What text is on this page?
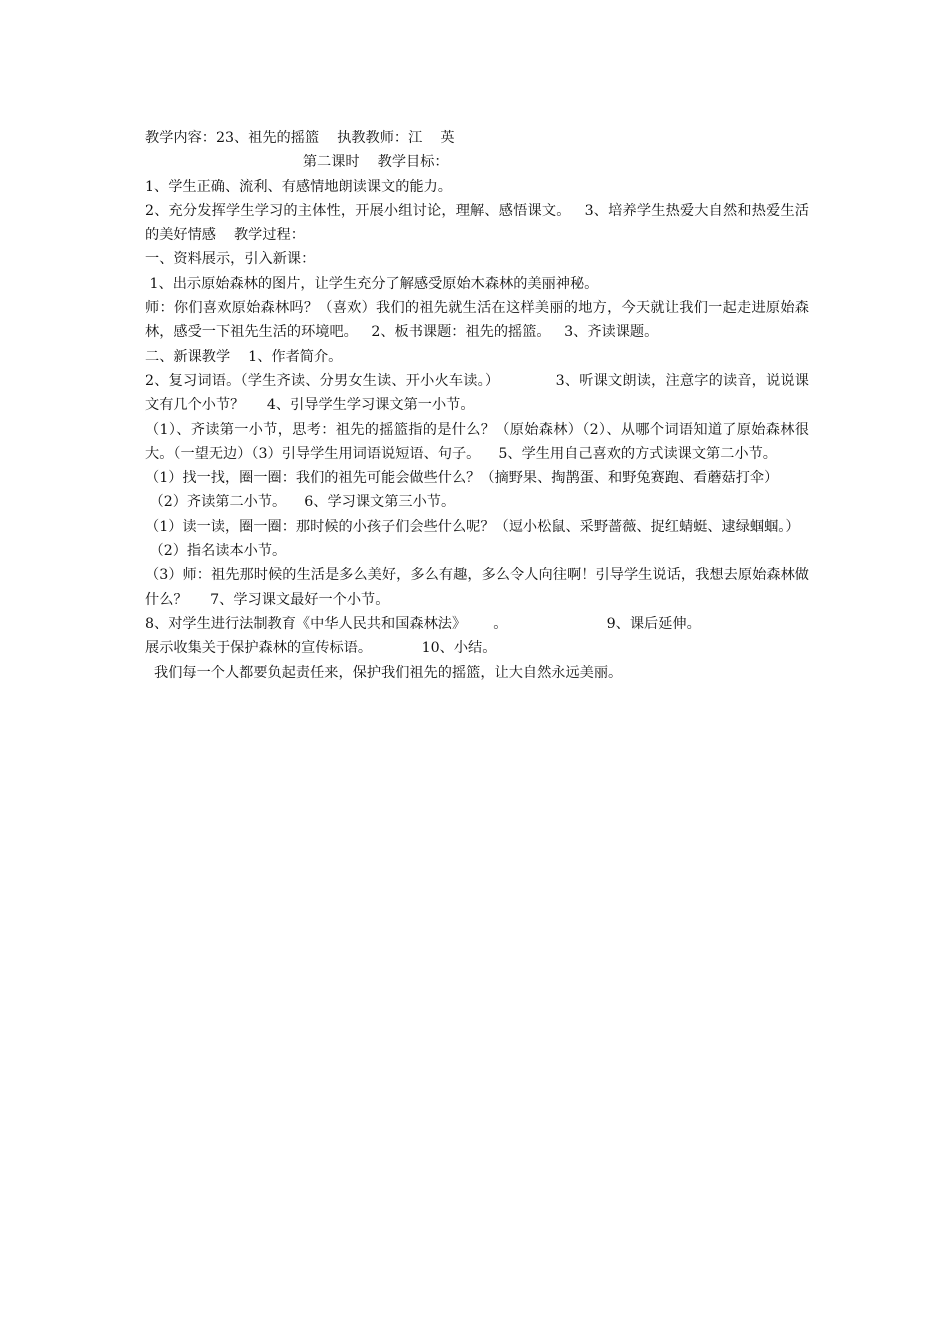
教学内容：23、祖先的摇篮    执教教师：江    英
第二课时    教学目标：
1、学生正确、流利、有感情地朗读课文的能力。
2、充分发挥学生学习的主体性，开展小组讨论，理解、感悟课文。   3、培养学生热爱大自然和热爱生活的美好情感    教学过程：
一、资料展示，引入新课：
1、出示原始森林的图片，让学生充分了解感受原始木森林的美丽神秘。
师：你们喜欢原始森林吗？（喜欢）我们的祖先就生活在这样美丽的地方，今天就让我们一起走进原始森林，感受一下祖先生活的环境吧。   2、板书课题：祖先的摇篮。   3、齐读课题。
二、新课教学    1、作者简介。
2、复习词语。（学生齐读、分男女生读、开小火车读。）            3、听课文朗读，注意字的读音，说说课文有几个小节？     4、引导学生学习课文第一小节。
（1）、齐读第一小节，思考：祖先的摇篮指的是什么？（原始森林）（2）、从哪个词语知道了原始森林很大。（一望无边）（3）引导学生用词语说短语、句子。    5、学生用自己喜欢的方式读课文第二小节。
（1）找一找，圈一圈：我们的祖先可能会做些什么？（摘野果、掏鹊蛋、和野兔赛跑、看蘑菇打伞）
（2）齐读第二小节。    6、学习课文第三小节。
（1）读一读，圈一圈：那时候的小孩子们会些什么呢？（逗小松鼠、采野蔷薇、捉红蜻蜓、逮绿蝈蝈。）
（2）指名读本小节。
（3）师：祖先那时候的生活是多么美好，多么有趣，多么令人向往啊！引导学生说话，我想去原始森林做什么？     7、学习课文最好一个小节。
8、对学生进行法制教育《中华人民共和国森林法》      。                      9、课后延伸。
展示收集关于保护森林的宣传标语。           10、小结。
我们每一个人都要负起责任来，保护我们祖先的摇篮，让大自然永远美丽。
